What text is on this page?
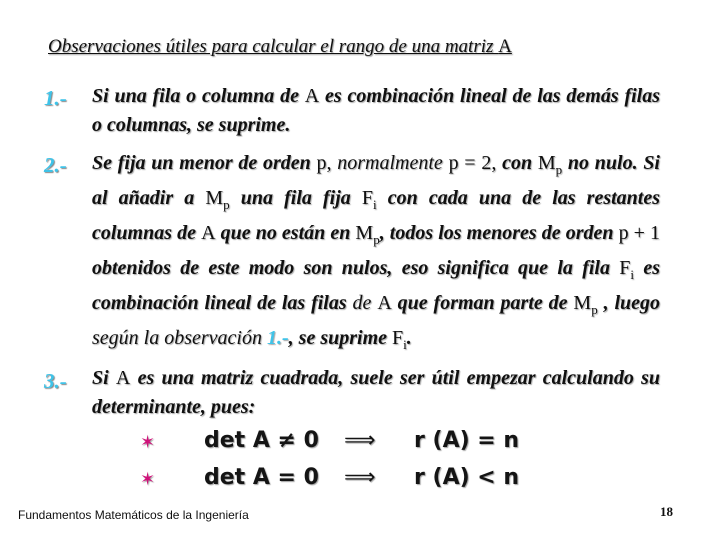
Observaciones útiles para calcular el rango de una matriz A
1.- Si una fila o columna de A es combinación lineal de las demás filas o columnas, se suprime.
2.- Se fija un menor de orden p, normalmente p = 2, con $M_p$ no nulo. Si al añadir a $M_p$ una fila fija $F_i$ con cada una de las restantes columnas de A que no están en $M_p$, todos los menores de orden p + 1 obtenidos de este modo son nulos, eso significa que la fila $F_i$ es combinación lineal de las filas de A que forman parte de $M_p$ , luego según la observación 1.-, se suprime $F_i$.
3.- Si A es una matriz cuadrada, suele ser útil empezar calculando su determinante, pues:
✶ det A ≠ 0 ⟹ r (A) = n
✶ det A = 0 ⟹ r (A) < n
Fundamentos Matemáticos de la Ingeniería	18
